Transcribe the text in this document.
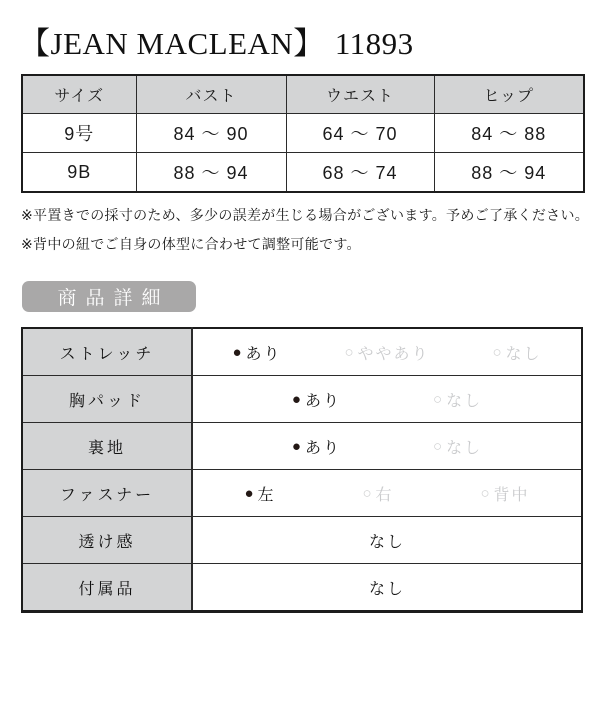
【JEAN MACLEAN】 11893
サイズ	バスト	ウエスト	ヒップ
9号	84 〜 90	64 〜 70	84 〜 88
9B	88 〜 94	68 〜 74	88 〜 94
※平置きでの採寸のため、多少の誤差が生じる場合がございます。予めご了承ください。
※背中の紐でご自身の体型に合わせて調整可能です。
商品詳細
ストレッチ	● あり	○ ややあり	○ なし

胸パッド	● あり ○ なし

裏地	● あり ○ なし

ファスナー	● 左	○ 右	○ 背中

透け感	なし

付属品	なし
